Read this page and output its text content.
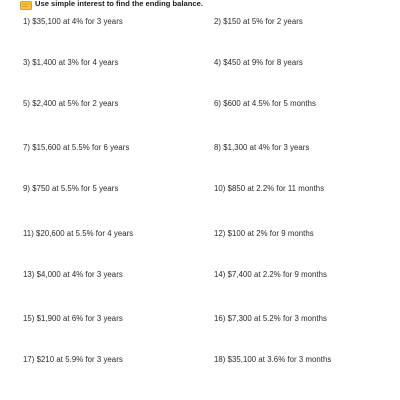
Use simple interest to find the ending balance.
1) $35,100 at 4% for 3 years	2) $150 at 5% for 2 years
3) $1,400 at 3% for 4 years	4) $450 at 9% for 8 years
5) $2,400 at 5% for 2 years	6) $600 at 4.5% for 5 months
7) $15,600 at 5.5% for 6 years	8) $1,300 at 4% for 3 years
9) $750 at 5.5% for 5 years	10) $850 at 2.2% for 11 months
11) $20,600 at 5.5% for 4 years	12) $100 at 2% for 9 months
13) $4,000 at 4% for 3 years	14) $7,400 at 2.2% for 9 months
15) $1,900 at 6% for 3 years	16) $7,300 at 5.2% for 3 months
17) $210 at 5.9% for 3 years	18) $35,100 at 3.6% for 3 months
